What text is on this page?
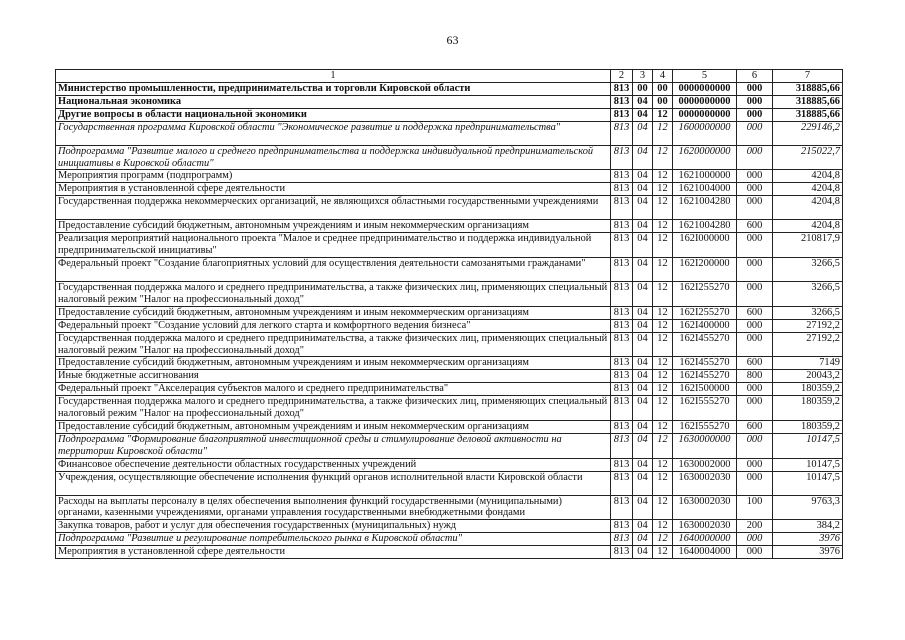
63
1	2	3	4	5	6	7
Министерство промышленности, предпринимательства и торговли Кировской области	813	00	00	0000000000	000	318885,66
Национальная экономика	813	04	00	0000000000	000	318885,66
Другие вопросы в области национальной экономики	813	04	12	0000000000	000	318885,66
Государственная программа Кировской области "Экономическое развитие и поддержка предпринимательства"	813	04	12	1600000000	000	229146,2
Подпрограмма "Развитие малого и среднего предпринимательства и поддержка индивидуальной предпринимательской инициативы в Кировской области"	813	04	12	1620000000	000	215022,7
Мероприятия программ (подпрограмм)	813	04	12	1621000000	000	4204,8
Мероприятия в установленной сфере деятельности	813	04	12	1621004000	000	4204,8
Государственная поддержка некоммерческих организаций, не являющихся областными государственными учреждениями	813	04	12	1621004280	000	4204,8
Предоставление субсидий бюджетным, автономным учреждениям и иным некоммерческим организациям	813	04	12	1621004280	600	4204,8
Реализация мероприятий национального проекта "Малое и среднее предпринимательство и поддержка индивидуальной предпринимательской инициативы"	813	04	12	162I000000	000	210817,9
Федеральный проект "Создание благоприятных условий для осуществления деятельности самозанятыми гражданами"	813	04	12	162I200000	000	3266,5
Государственная поддержка малого и среднего предпринимательства, а также физических лиц, применяющих специальный налоговый режим "Налог на профессиональный доход"	813	04	12	162I255270	000	3266,5
Предоставление субсидий бюджетным, автономным учреждениям и иным некоммерческим организациям	813	04	12	162I255270	600	3266,5
Федеральный проект "Создание условий для легкого старта и комфортного ведения бизнеса"	813	04	12	162I400000	000	27192,2
Государственная поддержка малого и среднего предпринимательства, а также физических лиц, применяющих специальный налоговый режим "Налог на профессиональный доход"	813	04	12	162I455270	000	27192,2
Предоставление субсидий бюджетным, автономным учреждениям и иным некоммерческим организациям	813	04	12	162I455270	600	7149
Иные бюджетные ассигнования	813	04	12	162I455270	800	20043,2
Федеральный проект "Акселерация субъектов малого и среднего предпринимательства"	813	04	12	162I500000	000	180359,2
Государственная поддержка малого и среднего предпринимательства, а также физических лиц, применяющих специальный налоговый режим "Налог на профессиональный доход"	813	04	12	162I555270	000	180359,2
Предоставление субсидий бюджетным, автономным учреждениям и иным некоммерческим организациям	813	04	12	162I555270	600	180359,2
Подпрограмма "Формирование благоприятной инвестиционной среды и стимулирование деловой активности на территории Кировской области"	813	04	12	1630000000	000	10147,5
Финансовое обеспечение деятельности областных государственных учреждений	813	04	12	1630002000	000	10147,5
Учреждения, осуществляющие обеспечение исполнения функций органов исполнительной власти Кировской области	813	04	12	1630002030	000	10147,5
Расходы на выплаты персоналу в целях обеспечения выполнения функций государственными (муниципальными) органами, казенными учреждениями, органами управления государственными внебюджетными фондами	813	04	12	1630002030	100	9763,3
Закупка товаров, работ и услуг для обеспечения государственных (муниципальных) нужд	813	04	12	1630002030	200	384,2
Подпрограмма "Развитие и регулирование потребительского рынка в Кировской области"	813	04	12	1640000000	000	3976
Мероприятия в установленной сфере деятельности	813	04	12	1640004000	000	3976
